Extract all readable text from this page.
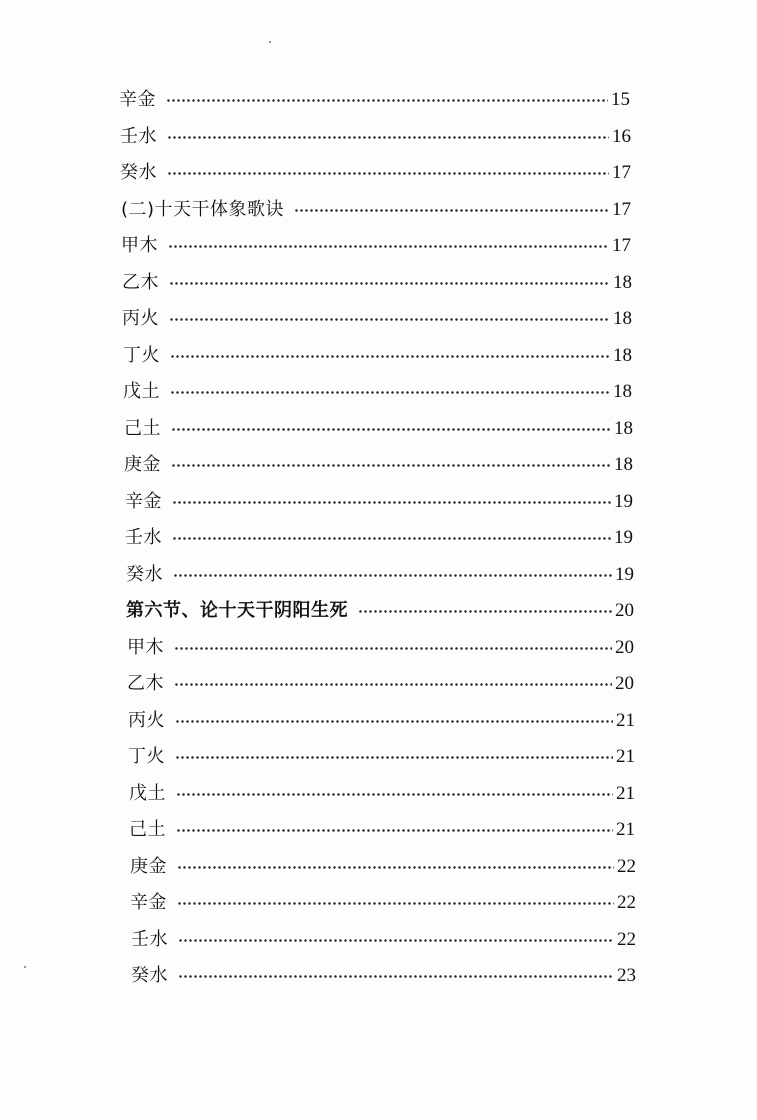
辛金	15
壬水	16
癸水	17
(二)十天干体象歌诀	17
甲木	17
乙木	18
丙火	18
丁火	18
戊土	18
己土	18
庚金	18
辛金	19
壬水	19
癸水	19
第六节、论十天干阴阳生死	20
甲木	20
乙木	20
丙火	21
丁火	21
戊土	21
己土	21
庚金	22
辛金	22
壬水	22
癸水	23
